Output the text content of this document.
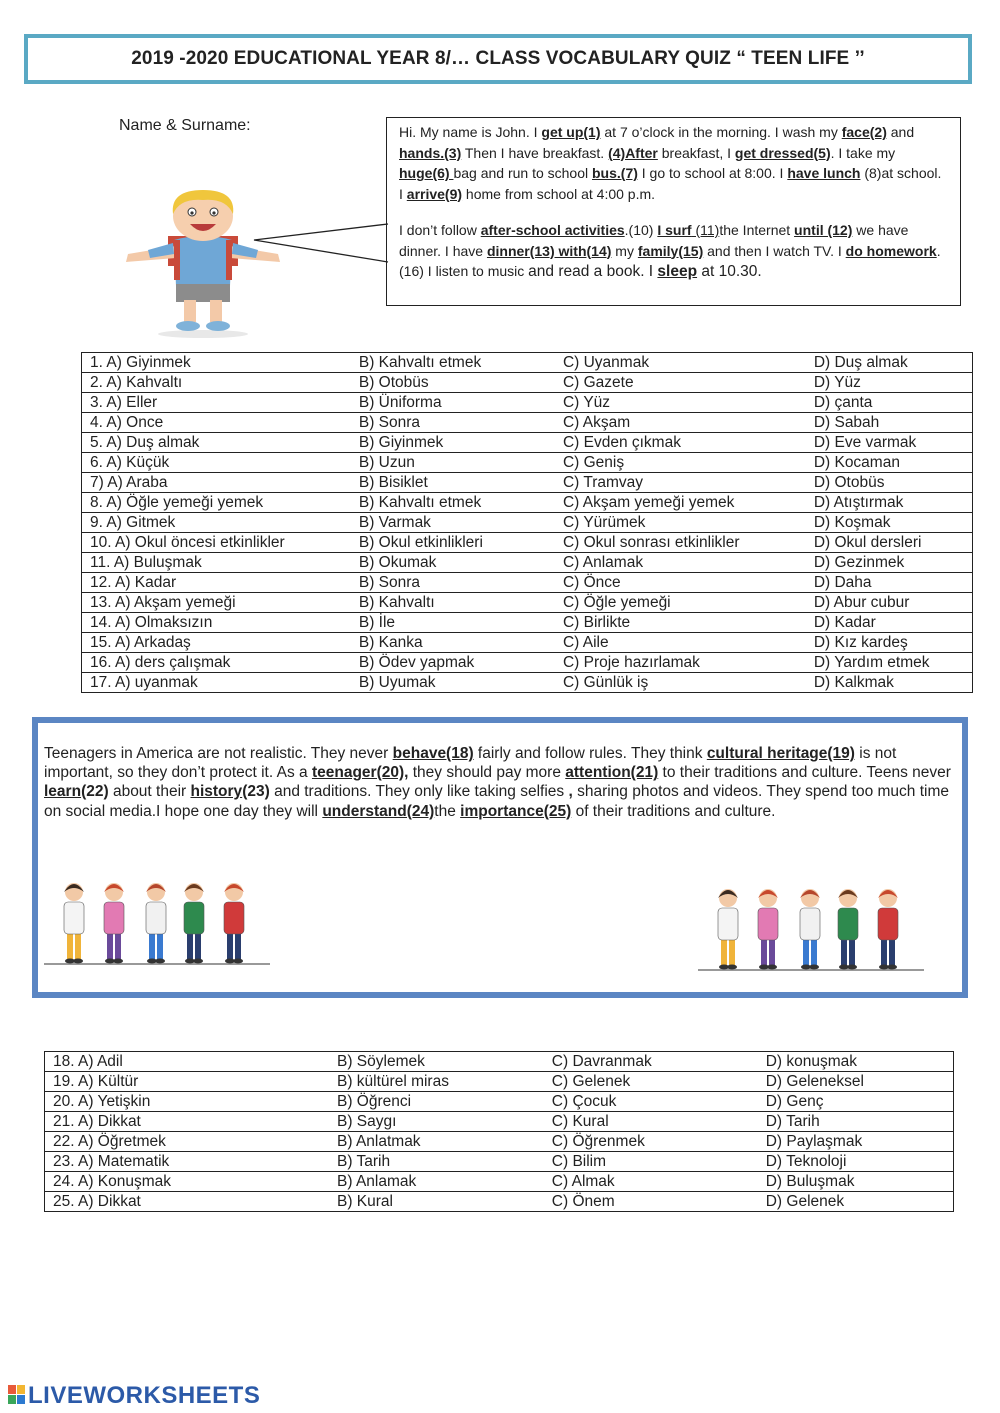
2019 -2020 EDUCATIONAL YEAR 8/… CLASS VOCABULARY QUIZ “ TEEN LIFE ’’
Name & Surname:	Hi. My name is John. I get up(1) at 7 o’clock in the morning. I wash my face(2) and hands.(3) Then I have breakfast. (4)After breakfast, I get dressed(5). I take my huge(6) bag and run to school bus.(7) I go to school at 8:00. I have lunch (8)at school. I arrive(9) home from school at 4:00 p.m.

I don’t follow after-school activities.(10) I surf (11)the Internet until (12) we have dinner. I have dinner(13) with(14) my family(15) and then I watch TV. I do homework.(16) I listen to music and read a book. I sleep at 10.30.

1. A) Giyinmek	B) Kahvaltı etmek	C) Uyanmak	D) Duş almak
2. A) Kahvaltı	B) Otobüs	C) Gazete	D) Yüz
3. A) Eller	B) Üniforma	C) Yüz	D) çanta
4. A) Once	B) Sonra	C) Akşam	D) Sabah
5. A) Duş almak	B) Giyinmek	C) Evden çıkmak	D) Eve varmak
6. A) Küçük	B) Uzun	C) Geniş	D) Kocaman
7) A) Araba	B) Bisiklet	C) Tramvay	D) Otobüs
8. A) Öğle yemeği yemek	B) Kahvaltı etmek	C) Akşam yemeği yemek	D) Atıştırmak
9. A) Gitmek	B) Varmak	C) Yürümek	D) Koşmak
10. A) Okul öncesi etkinlikler	B) Okul etkinlikleri	C) Okul sonrası etkinlikler	D) Okul dersleri
11. A) Buluşmak	B) Okumak	C) Anlamak	D) Gezinmek
12. A) Kadar	B) Sonra	C) Önce	D) Daha
13. A) Akşam yemeği	B) Kahvaltı	C) Öğle yemeği	D) Abur cubur
14. A) Olmaksızın	B) İle	C) Birlikte	D) Kadar
15. A) Arkadaş	B) Kanka	C) Aile	D) Kız kardeş
16. A) ders çalışmak	B) Ödev yapmak	C) Proje hazırlamak	D) Yardım etmek
17. A) uyanmak	B) Uyumak	C) Günlük iş	D) Kalkmak
Teenagers in America are not realistic. They never behave(18) fairly and follow rules. They think cultural heritage(19) is not important, so they don’t protect it. As a teenager(20), they should pay more attention(21) to their traditions and culture. Teens never learn(22) about their history(23) and traditions. They only like taking selfies , sharing photos and videos. They spend too much time on social media.I hope one day they will understand(24)the importance(25) of their traditions and culture.
18. A) Adil	B) Söylemek	C) Davranmak	D) konuşmak
19. A) Kültür	B) kültürel miras	C) Gelenek	D) Geleneksel
20. A) Yetişkin	B) Öğrenci	C) Çocuk	D) Genç
21. A) Dikkat	B) Saygı	C) Kural	D) Tarih
22. A) Öğretmek	B) Anlatmak	C) Öğrenmek	D) Paylaşmak
23. A) Matematik	B) Tarih	C) Bilim	D) Teknoloji
24. A) Konuşmak	B) Anlamak	C) Almak	D) Buluşmak
25. A) Dikkat	B) Kural	C) Önem	D) Gelenek
LIVEWORKSHEETS
